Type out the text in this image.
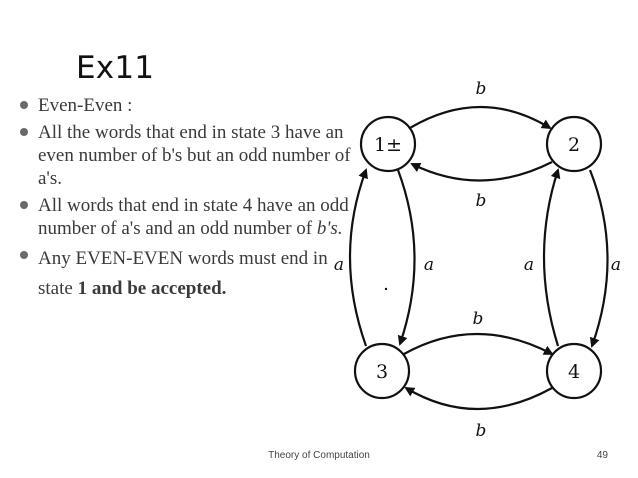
Ex11
Even-Even :
All the words that end in state 3 have an even number of b's but an odd number of a's.
All words that end in state 4 have an odd number of a's and an odd number of b's.
Any EVEN-EVEN words must end in state 1 and be accepted.
1±	2
3	4
b
b
b
b
a	a	a	a
Theory of Computation	49
